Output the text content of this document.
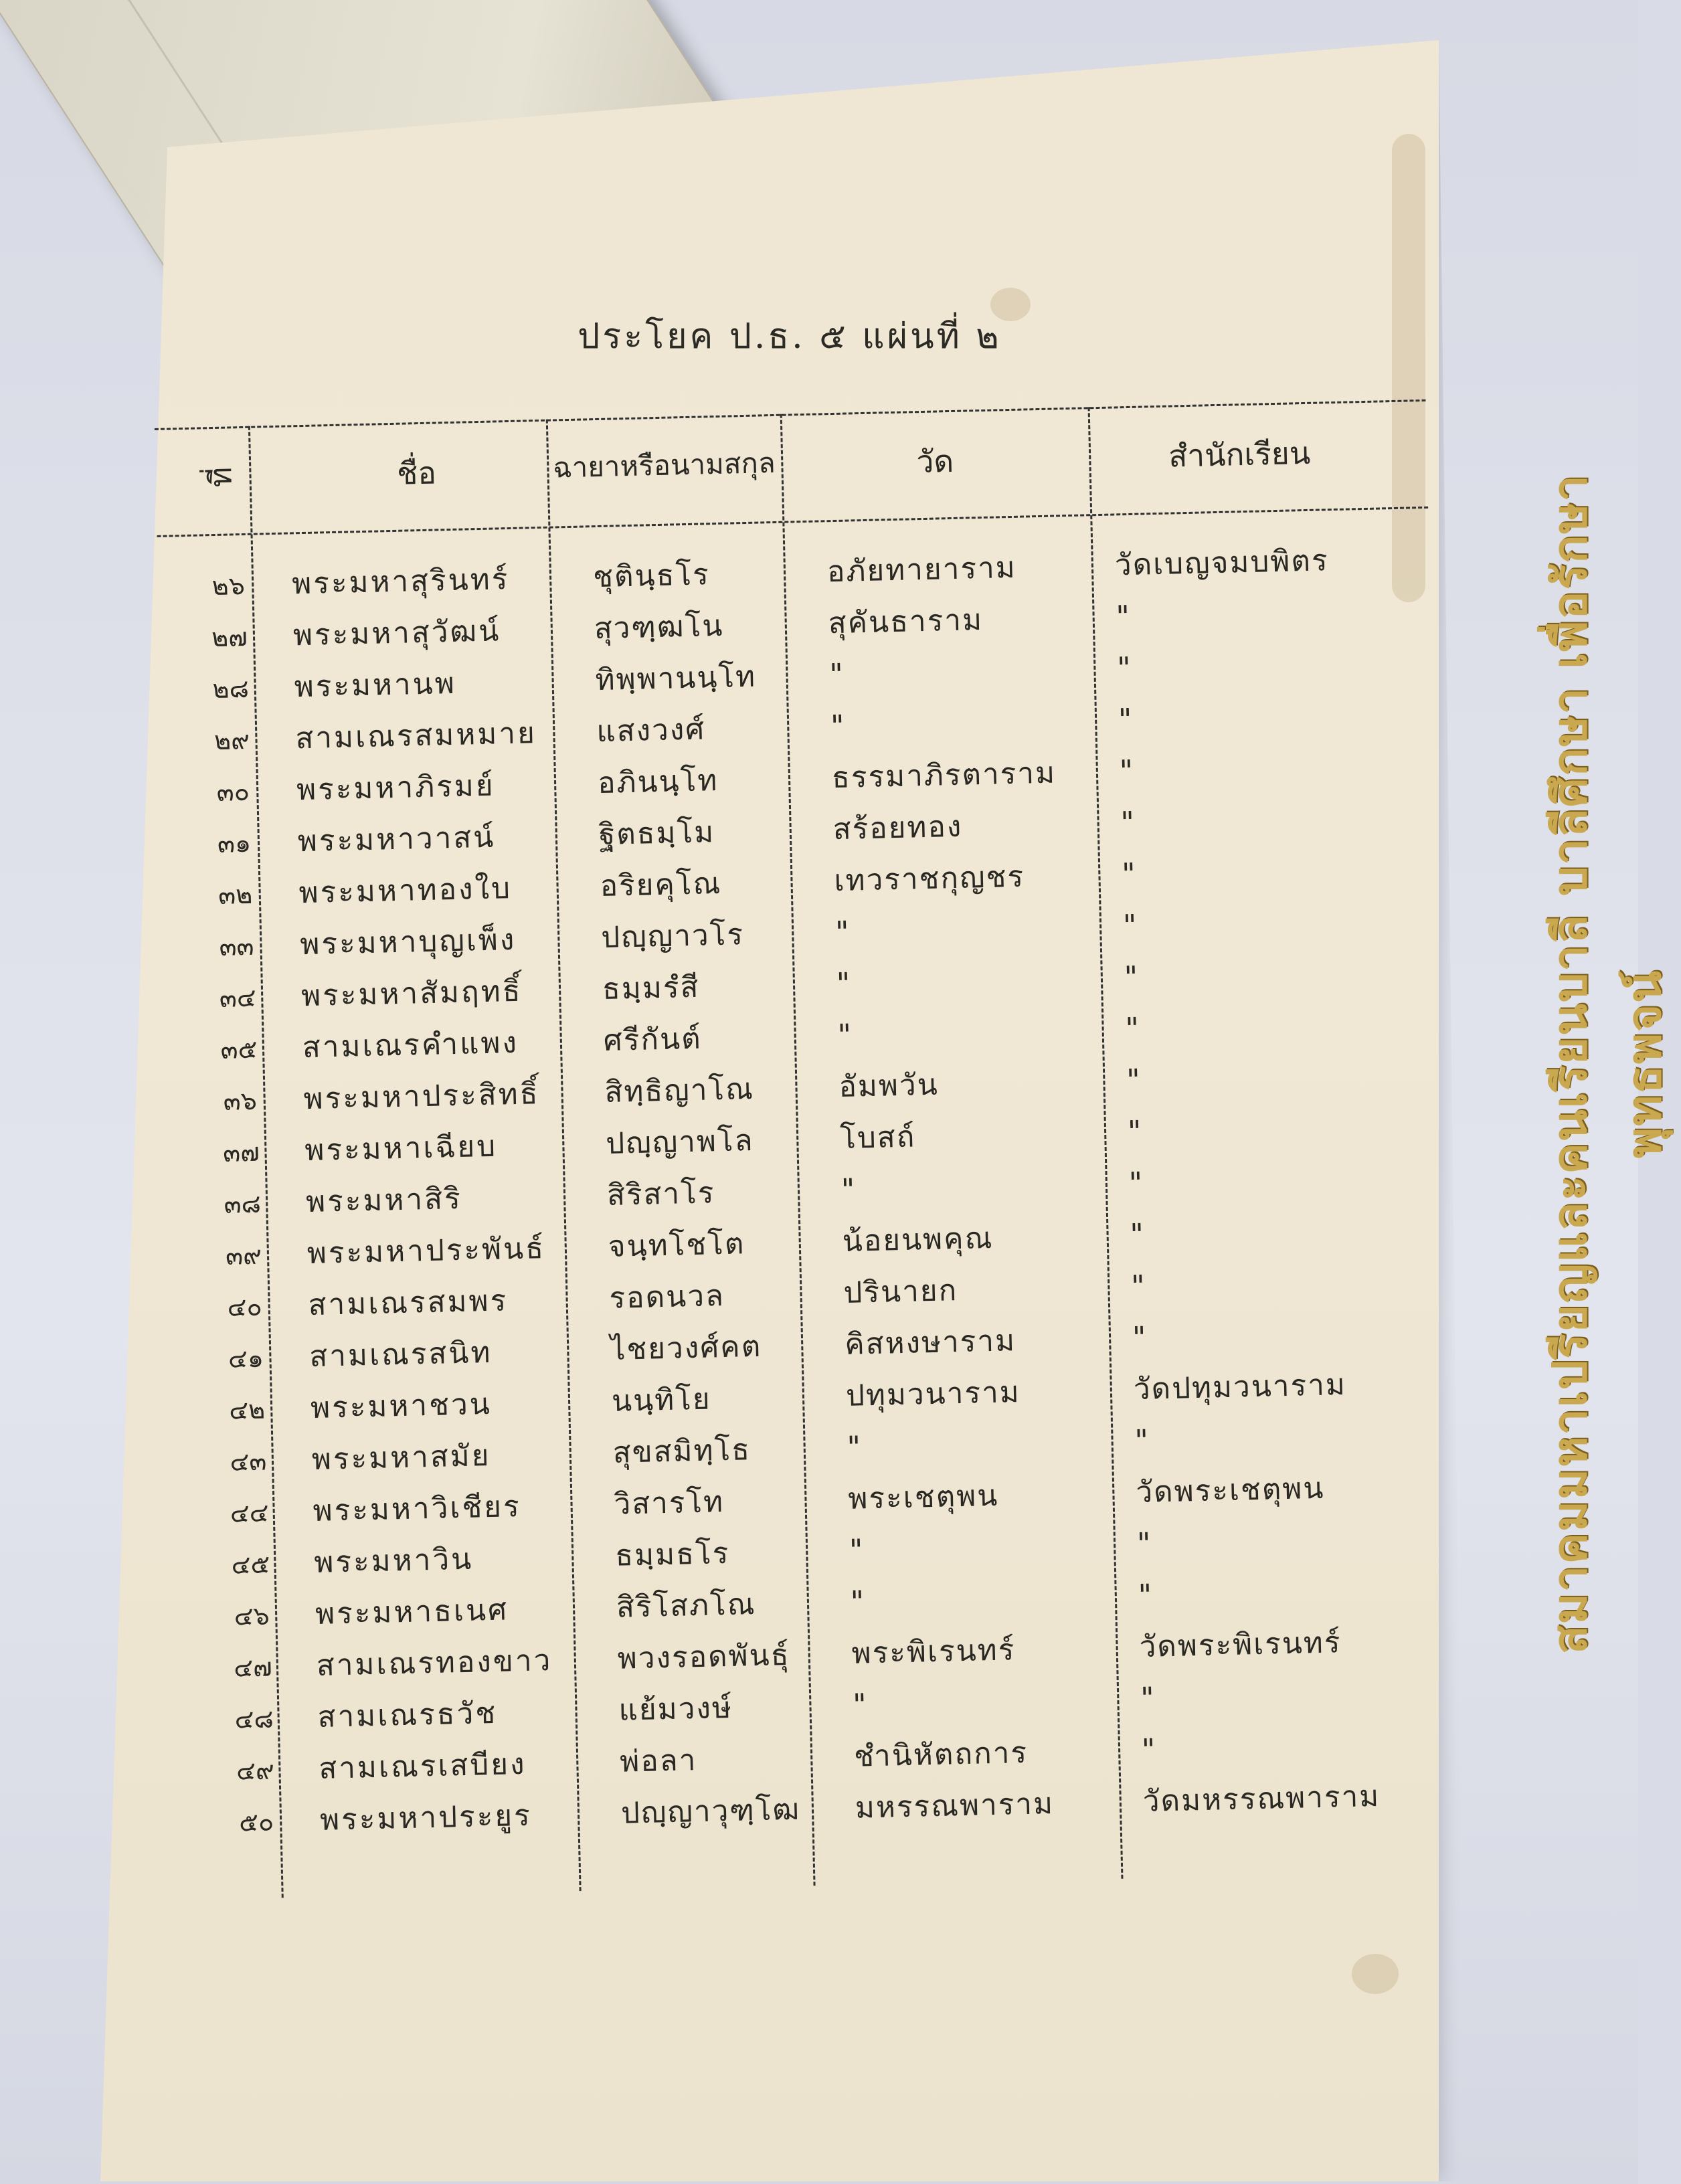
ประโยค ป.ธ. ๕ แผ่นที่ ๒
ที่	ชื่อ	ฉายาหรือนามสกุล	วัด	สำนักเรียน
๒๖	พระมหาสุรินทร์	ชุตินฺธโร	อภัยทายาราม	วัดเบญจมบพิตร
๒๗	พระมหาสุวัฒน์	สุวฑฺฒโน	สุคันธาราม	"
๒๘	พระมหานพ	ทิพฺพานนฺโท	"	"
๒๙	สามเณรสมหมาย	แสงวงศ์	"	"
๓๐	พระมหาภิรมย์	อภินนฺโท	ธรรมาภิรตาราม	"
๓๑	พระมหาวาสน์	ฐิตธมฺโม	สร้อยทอง	"
๓๒	พระมหาทองใบ	อริยคุโณ	เทวราชกุญชร	"
๓๓	พระมหาบุญเพ็ง	ปญฺญาวโร	"	"
๓๔	พระมหาสัมฤทธิ์	ธมฺมรํสี	"	"
๓๕	สามเณรคำแพง	ศรีกันต์	"	"
๓๖	พระมหาประสิทธิ์	สิทฺธิญาโณ	อัมพวัน	"
๓๗	พระมหาเฉียบ	ปญฺญาพโล	โบสถ์	"
๓๘	พระมหาสิริ	สิริสาโร	"	"
๓๙	พระมหาประพันธ์	จนฺทโชโต	น้อยนพคุณ	"
๔๐	สามเณรสมพร	รอดนวล	ปรินายก	"
๔๑	สามเณรสนิท	ไชยวงศ์คต	คิสหงษาราม	"
๔๒	พระมหาชวน	นนฺทิโย	ปทุมวนาราม	วัดปทุมวนาราม
๔๓	พระมหาสมัย	สุขสมิทฺโธ	"	"
๔๔	พระมหาวิเชียร	วิสารโท	พระเชตุพน	วัดพระเชตุพน
๔๕	พระมหาวิน	ธมฺมธโร	"	"
๔๖	พระมหาธเนศ	สิริโสภโณ	"	"
๔๗	สามเณรทองขาว	พวงรอดพันธุ์	พระพิเรนทร์	วัดพระพิเรนทร์
๔๘	สามเณรธวัช	แย้มวงษ์	"	"
๔๙	สามเณรเสบียง	พ่อลา	ชำนิหัตถการ	"
๕๐	พระมหาประยูร	ปญฺญาวุฑฺโฒ	มหรรณพาราม	วัดมหรรณพาราม
สมาคมมหาเปรียญและคนเรียนบาลี บาลีศึกษา เพื่อรักษาพุทธพจน์
